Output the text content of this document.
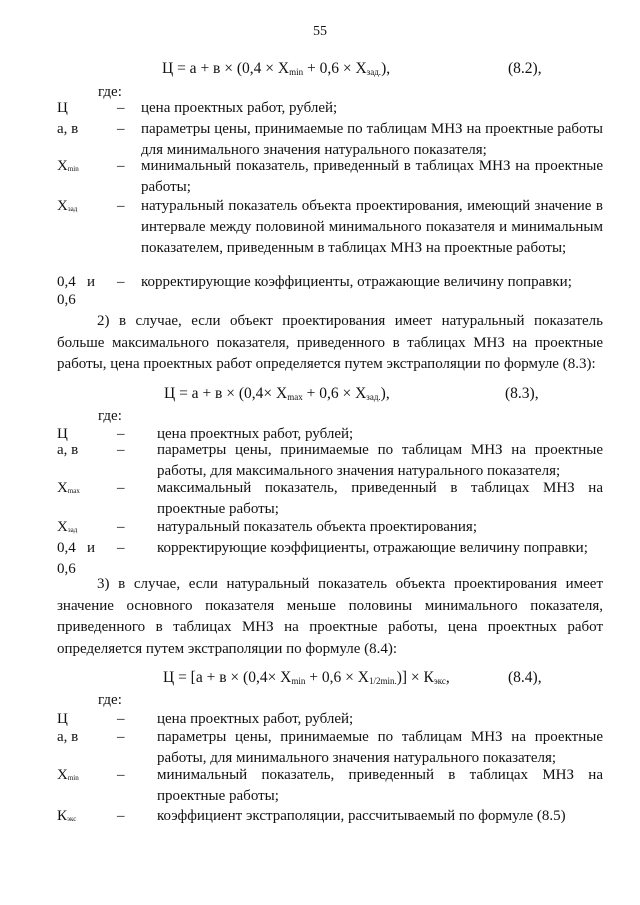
55
$Ц = а + в \times (0,4 \times X_{min} + 0,6 \times X_{зад.})$,	(8.2),
где:
Ц	–	цена проектных работ, рублей;
а, в	–	параметры цены, принимаемые по таблицам МНЗ на проектные работы для минимального значения натурального показателя;
$X_{min}$	–	минимальный показатель, приведенный в таблицах МНЗ на проектные работы;
$X_{зад}$	–	натуральный показатель объекта проектирования, имеющий значение в интервале между половиной минимального показателя и минимальным показателем, приведенным в таблицах МНЗ на проектные работы;
0,4   и	–	корректирующие коэффициенты, отражающие величину поправки;
0,6
2) в случае, если объект проектирования имеет натуральный показатель больше максимального показателя, приведенного в таблицах МНЗ на проектные работы, цена проектных работ определяется путем экстраполяции по формуле (8.3):
$Ц = а + в \times (0,4\times X_{max} + 0,6 \times X_{зад.})$,	(8.3),
где:
Ц	–	цена проектных работ, рублей;
а, в	–	параметры цены, принимаемые по таблицам МНЗ на проектные работы, для максимального значения натурального показателя;
$X_{max}$	–	максимальный показатель, приведенный в таблицах МНЗ на проектные работы;
$X_{зад}$	–	натуральный показатель объекта проектирования;
0,4   и	–	корректирующие коэффициенты, отражающие величину поправки;
0,6
3) в случае, если натуральный показатель объекта проектирования имеет значение основного показателя меньше половины минимального показателя, приведенного в таблицах МНЗ на проектные работы, цена проектных работ определяется путем экстраполяции по формуле (8.4):
$Ц = [а + в \times (0,4\times X_{min} + 0,6 \times X_{1/2min.})] \times К_{экс}$,	(8.4),
где:
Ц	–	цена проектных работ, рублей;
а, в	–	параметры цены, принимаемые по таблицам МНЗ на проектные работы, для минимального значения натурального показателя;
$X_{min}$	–	минимальный показатель, приведенный в таблицах МНЗ на проектные работы;
$К_{экс}$	–	коэффициент экстраполяции, рассчитываемый по формуле (8.5)
